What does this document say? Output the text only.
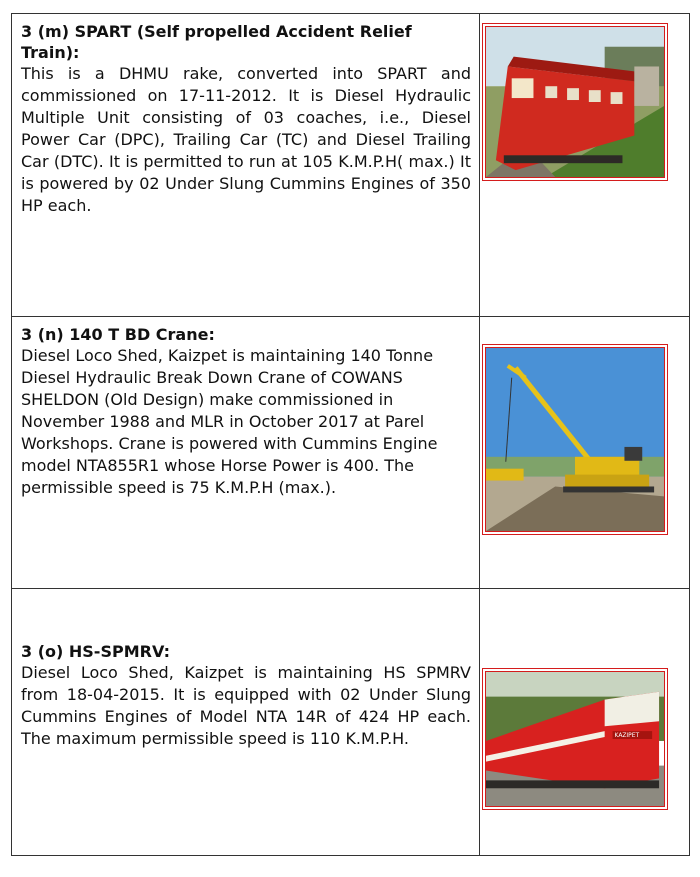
3 (m) SPART (Self propelled Accident Relief Train):

This is a DHMU rake, converted into SPART and commissioned on 17-11-2012. It is Diesel Hydraulic Multiple Unit consisting of 03 coaches, i.e., Diesel Power Car (DPC), Trailing Car (TC) and Diesel Trailing Car (DTC). It is permitted to run at 105 K.M.P.H( max.) It is powered by 02 Under Slung Cummins Engines of 350 HP each.

3 (n) 140 T BD Crane:

Diesel Loco Shed, Kaizpet is maintaining 140 Tonne Diesel Hydraulic Break Down Crane of COWANS SHELDON (Old Design) make commissioned in November 1988 and MLR in October 2017 at Parel Workshops. Crane is powered with Cummins Engine model NTA855R1 whose Horse Power is 400. The permissible speed is 75 K.M.P.H (max.).

3 (o) HS-SPMRV:

Diesel Loco Shed, Kaizpet is maintaining HS SPMRV from 18-04-2015. It is equipped with 02 Under Slung Cummins Engines of Model NTA 14R of 424 HP each. The maximum permissible speed is 110 K.M.P.H.	KAZIPET
